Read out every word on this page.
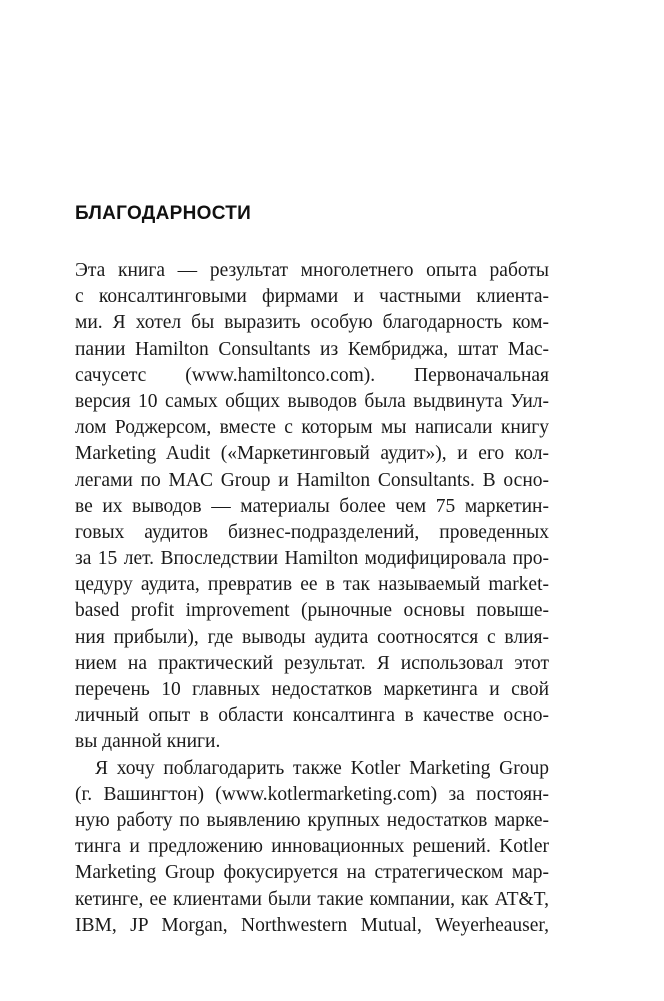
БЛАГОДАРНОСТИ
Эта книга — результат многолетнего опыта работы
с консалтинговыми фирмами и частными клиента-
ми. Я хотел бы выразить особую благодарность ком-
пании Hamilton Consultants из Кембриджа, штат Мас-
сачусетс (www.hamiltonco.com). Первоначальная
версия 10 самых общих выводов была выдвинута Уил-
лом Роджерсом, вместе с которым мы написали книгу
Marketing Audit («Маркетинговый аудит»), и его кол-
легами по MAC Group и Hamilton Consultants. В осно-
ве их выводов — материалы более чем 75 маркетин-
говых аудитов бизнес-подразделений, проведенных
за 15 лет. Впоследствии Hamilton модифицировала про-
цедуру аудита, превратив ее в так называемый market-
based profit improvement (рыночные основы повыше-
ния прибыли), где выводы аудита соотносятся с влия-
нием на практический результат. Я использовал этот
перечень 10 главных недостатков маркетинга и свой
личный опыт в области консалтинга в качестве осно-
вы данной книги.
Я хочу поблагодарить также Kotler Marketing Group
(г. Вашингтон) (www.kotlermarketing.com) за постоян-
ную работу по выявлению крупных недостатков марке-
тинга и предложению инновационных решений. Kotler
Marketing Group фокусируется на стратегическом мар-
кетинге, ее клиентами были такие компании, как AT&T,
IBM, JP Morgan, Northwestern Mutual, Weyerheauser,
